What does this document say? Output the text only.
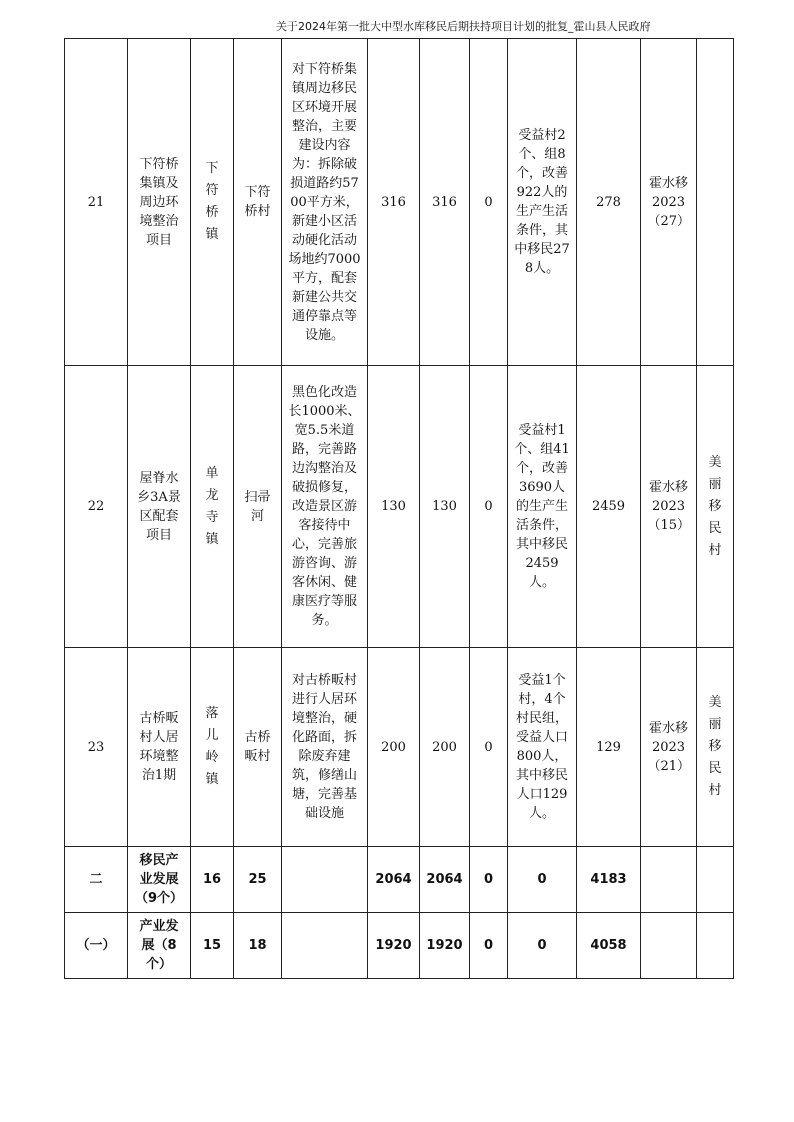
关于2024年第一批大中型水库移民后期扶持项目计划的批复_霍山县人民政府
21	下符桥集镇及周边环境整治项目	下符桥镇	下符桥村	对下符桥集镇周边移民区环境开展整治，主要建设内容为：拆除破损道路约5700平方米，新建小区活动硬化活动场地约7000平方，配套新建公共交通停靠点等设施。	316	316	0	受益村2个、组8个，改善922人的生产生活条件，其中移民278人。	278	霍水移2023（27）	

22	屋脊水乡3A景区配套项目	单龙寺镇	扫帚河	黑色化改造长1000米、宽5.5米道路，完善路边沟整治及破损修复，改造景区游客接待中心，完善旅游咨询、游客休闲、健康医疗等服务。	130	130	0	受益村1个、组41个，改善3690人的生产生活条件，其中移民2459人。	2459	霍水移2023（15）	美丽移民村
23	古桥畈村人居环境整治1期	落儿岭镇	古桥畈村	对古桥畈村进行人居环境整治，硬化路面，拆除废弃建筑，修缮山塘，完善基础设施	200	200	0	受益1个村，4个村民组，受益人口800人，其中移民人口129人。	129	霍水移2023（21）	美丽移民村
二	移民产业发展（9个）	16	25		2064	2064	0	0	4183		
（一）	产业发展（8个）	15	18		1920	1920	0	0	4058		
